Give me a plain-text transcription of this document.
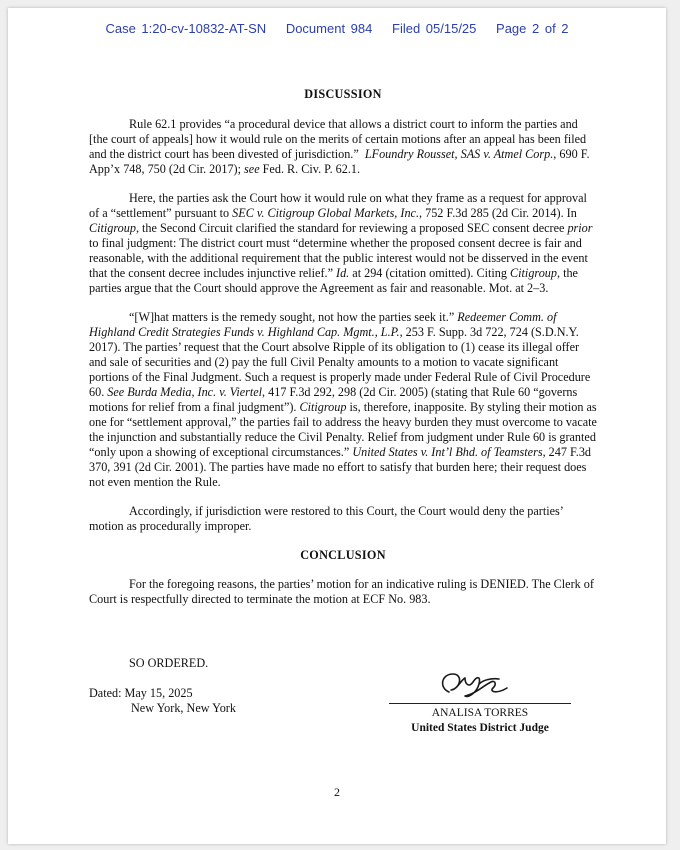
Case 1:20-cv-10832-AT-SN Document 984 Filed 05/15/25 Page 2 of 2
DISCUSSION

Rule 62.1 provides “a procedural device that allows a district court to inform the parties and [the court of appeals] how it would rule on the merits of certain motions after an appeal has been filed and the district court has been divested of jurisdiction.” LFoundry Rousset, SAS v. Atmel Corp., 690 F. App’x 748, 750 (2d Cir. 2017); see Fed. R. Civ. P. 62.1.

Here, the parties ask the Court how it would rule on what they frame as a request for approval of a “settlement” pursuant to SEC v. Citigroup Global Markets, Inc., 752 F.3d 285 (2d Cir. 2014). In Citigroup, the Second Circuit clarified the standard for reviewing a proposed SEC consent decree prior to final judgment: The district court must “determine whether the proposed consent decree is fair and reasonable, with the additional requirement that the public interest would not be disserved in the event that the consent decree includes injunctive relief.” Id. at 294 (citation omitted). Citing Citigroup, the parties argue that the Court should approve the Agreement as fair and reasonable. Mot. at 2–3.

“[W]hat matters is the remedy sought, not how the parties seek it.” Redeemer Comm. of Highland Credit Strategies Funds v. Highland Cap. Mgmt., L.P., 253 F. Supp. 3d 722, 724 (S.D.N.Y. 2017). The parties’ request that the Court absolve Ripple of its obligation to (1) cease its illegal offer and sale of securities and (2) pay the full Civil Penalty amounts to a motion to vacate significant portions of the Final Judgment. Such a request is properly made under Federal Rule of Civil Procedure 60. See Burda Media, Inc. v. Viertel, 417 F.3d 292, 298 (2d Cir. 2005) (stating that Rule 60 “governs motions for relief from a final judgment”). Citigroup is, therefore, inapposite. By styling their motion as one for “settlement approval,” the parties fail to address the heavy burden they must overcome to vacate the injunction and substantially reduce the Civil Penalty. Relief from judgment under Rule 60 is granted “only upon a showing of exceptional circumstances.” United States v. Int’l Bhd. of Teamsters, 247 F.3d 370, 391 (2d Cir. 2001). The parties have made no effort to satisfy that burden here; their request does not even mention the Rule.

Accordingly, if jurisdiction were restored to this Court, the Court would deny the parties’ motion as procedurally improper.

CONCLUSION

For the foregoing reasons, the parties’ motion for an indicative ruling is DENIED. The Clerk of Court is respectfully directed to terminate the motion at ECF No. 983.

SO ORDERED.
Dated: May 15, 2025
New York, New York	ANALISA TORRES
United States District Judge
2
